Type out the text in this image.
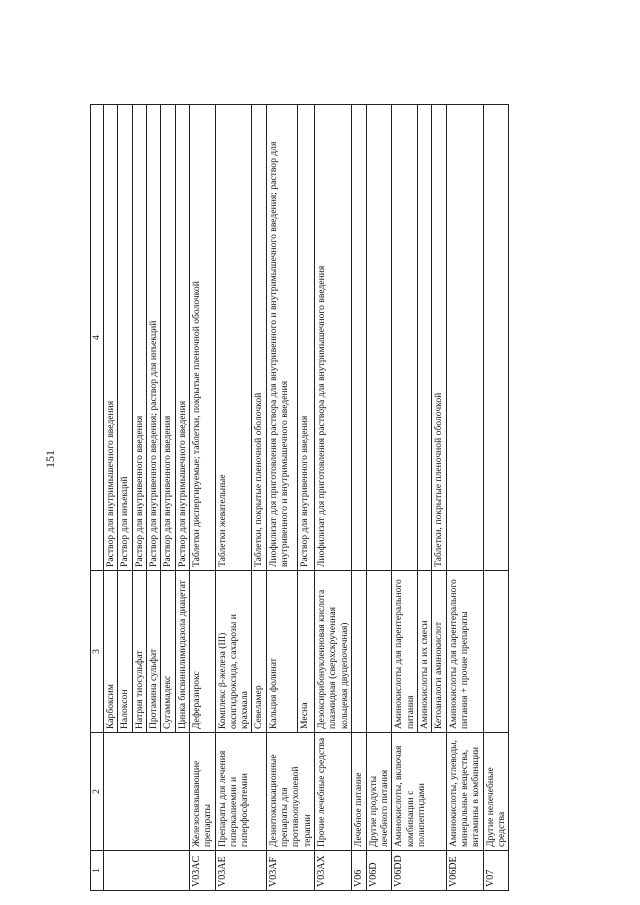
151
1	2	3	4
		Карбоксим	Раствор для внутримышечного введения
		Налоксон	Раствор для инъекций
		Натрия тиосульфат	Раствор для внутривенного введения
		Протамина сульфат	Раствор для внутривенного введения; раствор для инъекций
		Сугаммадекс	Раствор для внутривенного введения
		Цинка бисвинилимидазола диацетат	Раствор для внутримышечного введения
V03AC	Железосвязывающие препараты	Деферазирокс	Таблетки диспергируемые; таблетки, покрытые пленочной оболочкой
V03AE	Препараты для лечения гиперкалиемии и гиперфосфатемии	Комплекс β-железа (III) оксигидроксида, сахарозы и крахмала	Таблетки жевательные
		Севеламер	Таблетки, покрытые пленочной оболочкой
V03AF	Дезинтоксикационные препараты для противоопухолевой терапии	Кальция фолинат	Лиофилизат для приготовления раствора для внутривенного и внутримышечного введения; раствор для внутривенного и внутримышечного введения
		Месна	Раствор для внутривенного введения
V03AX	Прочие лечебные средства	Дезоксирибонуклеиновая кислота плазмидная (сверхскрученная кольцевая двуцепочечная)	Лиофилизат для приготовления раствора для внутримышечного введения
V06	Лечебное питание		
V06D	Другие продукты лечебного питания		
V06DD	Аминокислоты, включая комбинации с полипептидами	Аминокислоты для парентерального питания	
		Аминокислоты и их смеси	
		Кетоаналоги аминокислот	Таблетки, покрытые пленочной оболочкой
V06DE	Аминокислоты, углеводы, минеральные вещества, витамины в комбинации	Аминокислоты для парентерального питания + прочие препараты	
V07	Другие нелечебные средства		
